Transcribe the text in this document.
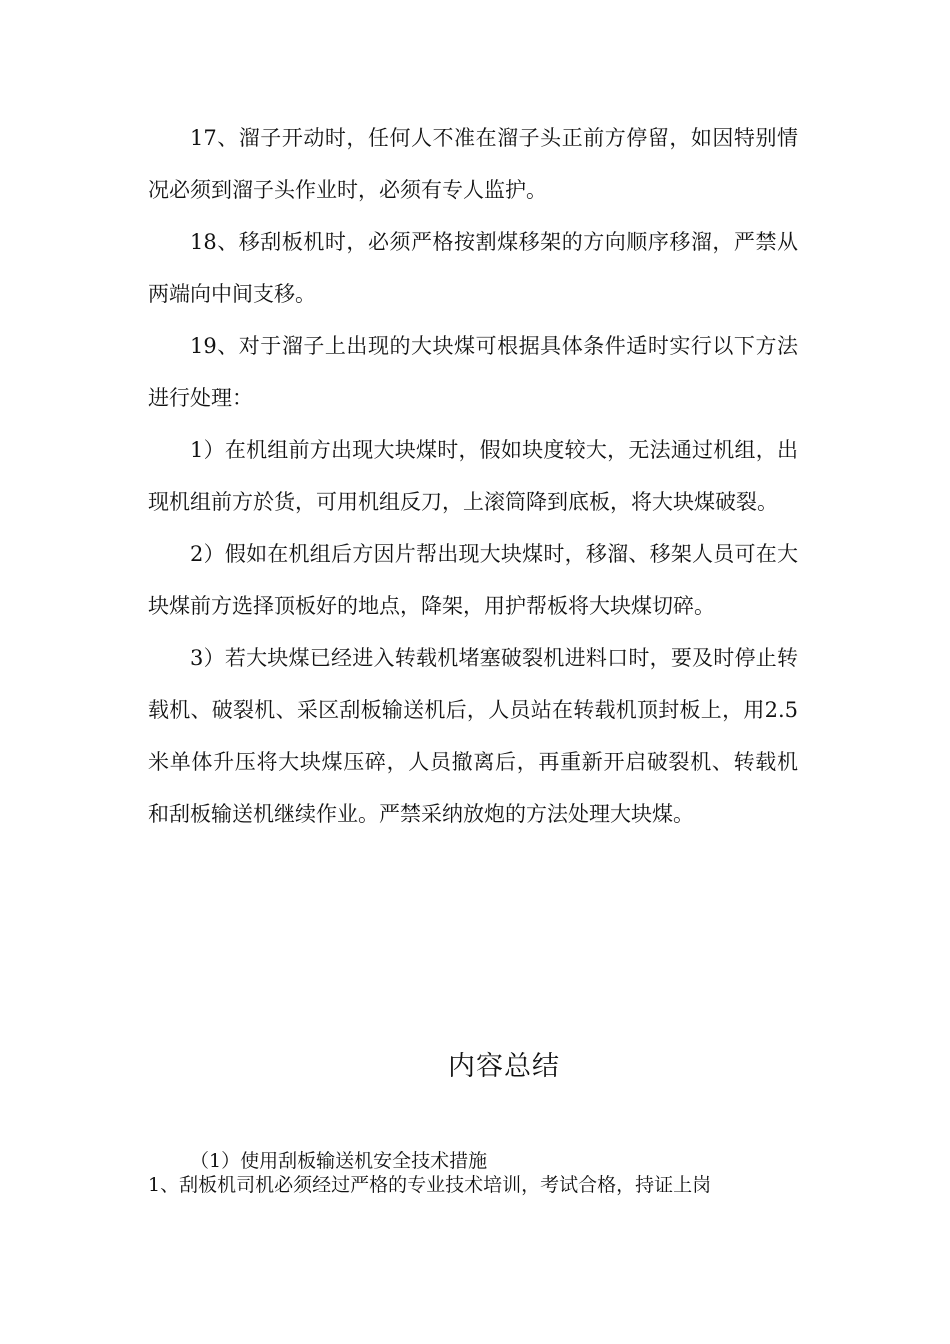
17、溜子开动时，任何人不准在溜子头正前方停留，如因特别情况必须到溜子头作业时，必须有专人监护。

18、移刮板机时，必须严格按割煤移架的方向顺序移溜，严禁从两端向中间支移。

19、对于溜子上出现的大块煤可根据具体条件适时实行以下方法进行处理：

1）在机组前方出现大块煤时，假如块度较大，无法通过机组，出现机组前方於货，可用机组反刀，上滚筒降到底板，将大块煤破裂。

2）假如在机组后方因片帮出现大块煤时，移溜、移架人员可在大块煤前方选择顶板好的地点，降架，用护帮板将大块煤切碎。

3）若大块煤已经进入转载机堵塞破裂机进料口时，要及时停止转载机、破裂机、采区刮板输送机后，人员站在转载机顶封板上，用2.5米单体升压将大块煤压碎，人员撤离后，再重新开启破裂机、转载机和刮板输送机继续作业。严禁采纳放炮的方法处理大块煤。

内容总结
（1）使用刮板输送机安全技术措施
1、刮板机司机必须经过严格的专业技术培训，考试合格，持证上岗
